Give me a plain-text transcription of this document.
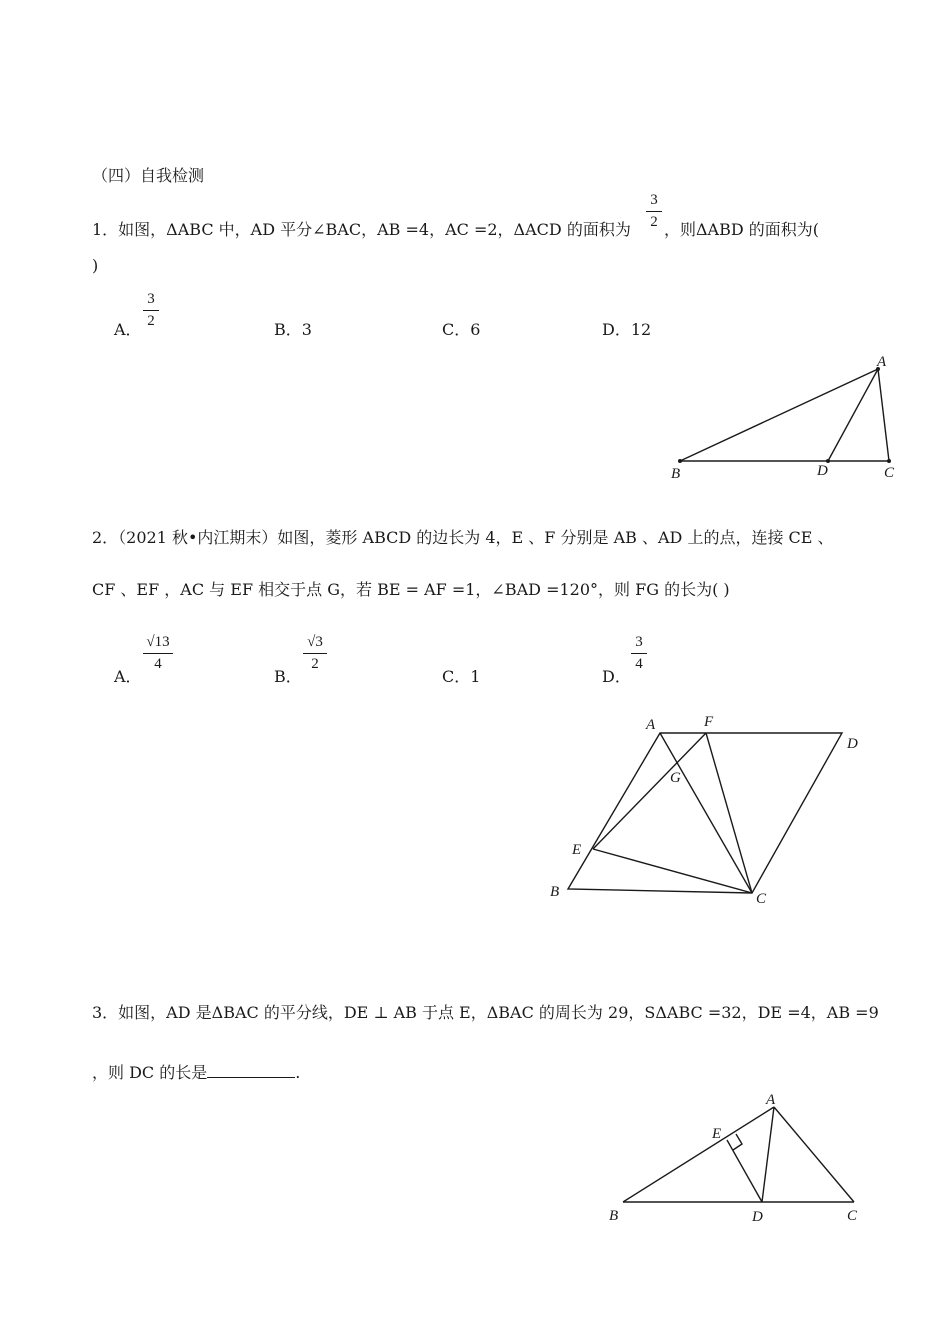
（四）自我检测
1．如图，ΔABC 中，AD 平分∠BAC，AB =4，AC =2，ΔACD 的面积为
3
2 ，则ΔABD 的面积为(
)
A．
3
2	B．3	C．6	D．12
A
B	D	C
2．（2021 秋•内江期末）如图，菱形 ABCD 的边长为 4，E 、F 分别是 AB 、AD 上的点，连接 CE 、
CF 、EF ，AC 与 EF 相交于点 G，若 BE = AF =1，∠BAD =120°，则 FG 的长为( )
A．
√13
4
B．
√3
2
C．1	D．
3
4
A	F
D
G
E
B	C
3．如图，AD 是ΔBAC 的平分线，DE ⊥ AB 于点 E，ΔBAC 的周长为 29，SΔABC =32，DE =4，AB =9
，则 DC 的长是	.
A
E
B	D	C
